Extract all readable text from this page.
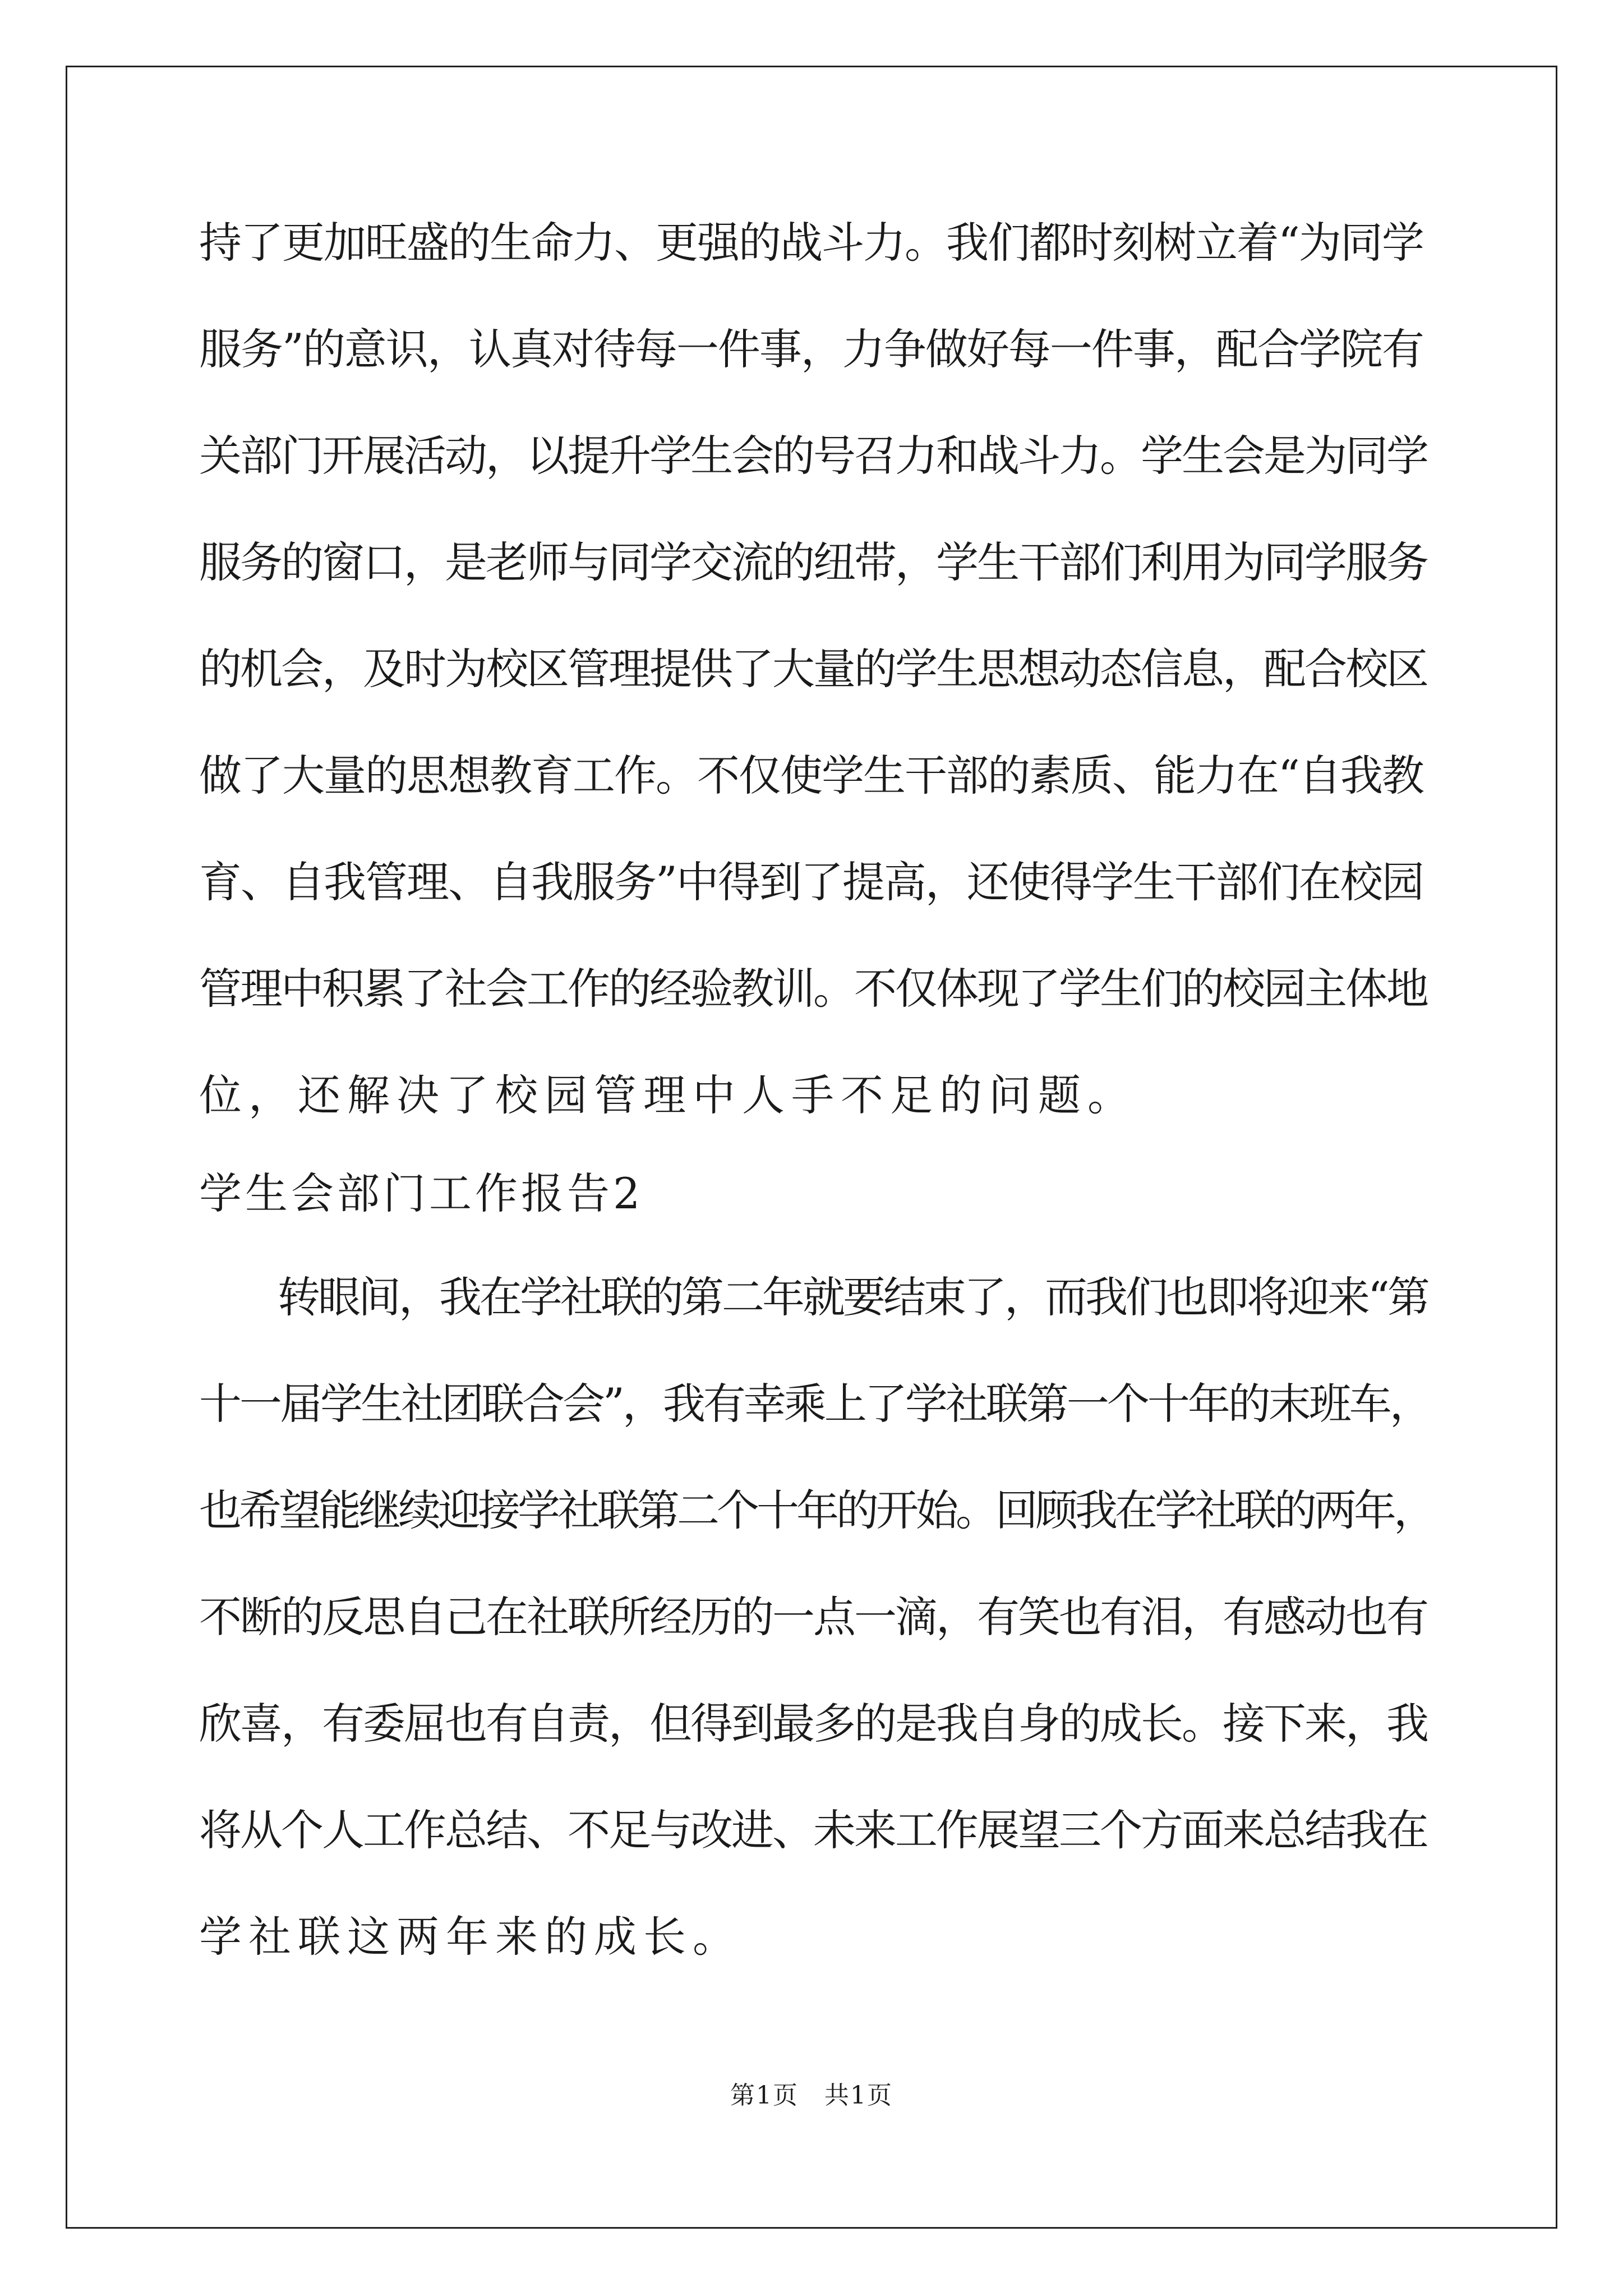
持了更加旺盛的生命力、更强的战斗力。我们都时刻树立着“为同学
服务”的意识，认真对待每一件事，力争做好每一件事，配合学院有
关部门开展活动，以提升学生会的号召力和战斗力。学生会是为同学
服务的窗口，是老师与同学交流的纽带，学生干部们利用为同学服务
的机会，及时为校区管理提供了大量的学生思想动态信息，配合校区
做了大量的思想教育工作。不仅使学生干部的素质、能力在“自我教
育、自我管理、自我服务”中得到了提高，还使得学生干部们在校园
管理中积累了社会工作的经验教训。不仅体现了学生们的校园主体地
位，还解决了校园管理中人手不足的问题。
学生会部门工作报告2
转眼间，我在学社联的第二年就要结束了，而我们也即将迎来“第
十一届学生社团联合会”，我有幸乘上了学社联第一个十年的末班车，
也希望能继续迎接学社联第二个十年的开始。回顾我在学社联的两年，
不断的反思自己在社联所经历的一点一滴，有笑也有泪，有感动也有
欣喜，有委屈也有自责，但得到最多的是我自身的成长。接下来，我
将从个人工作总结、不足与改进、未来工作展望三个方面来总结我在
学社联这两年来的成长。
第1页　共1页
